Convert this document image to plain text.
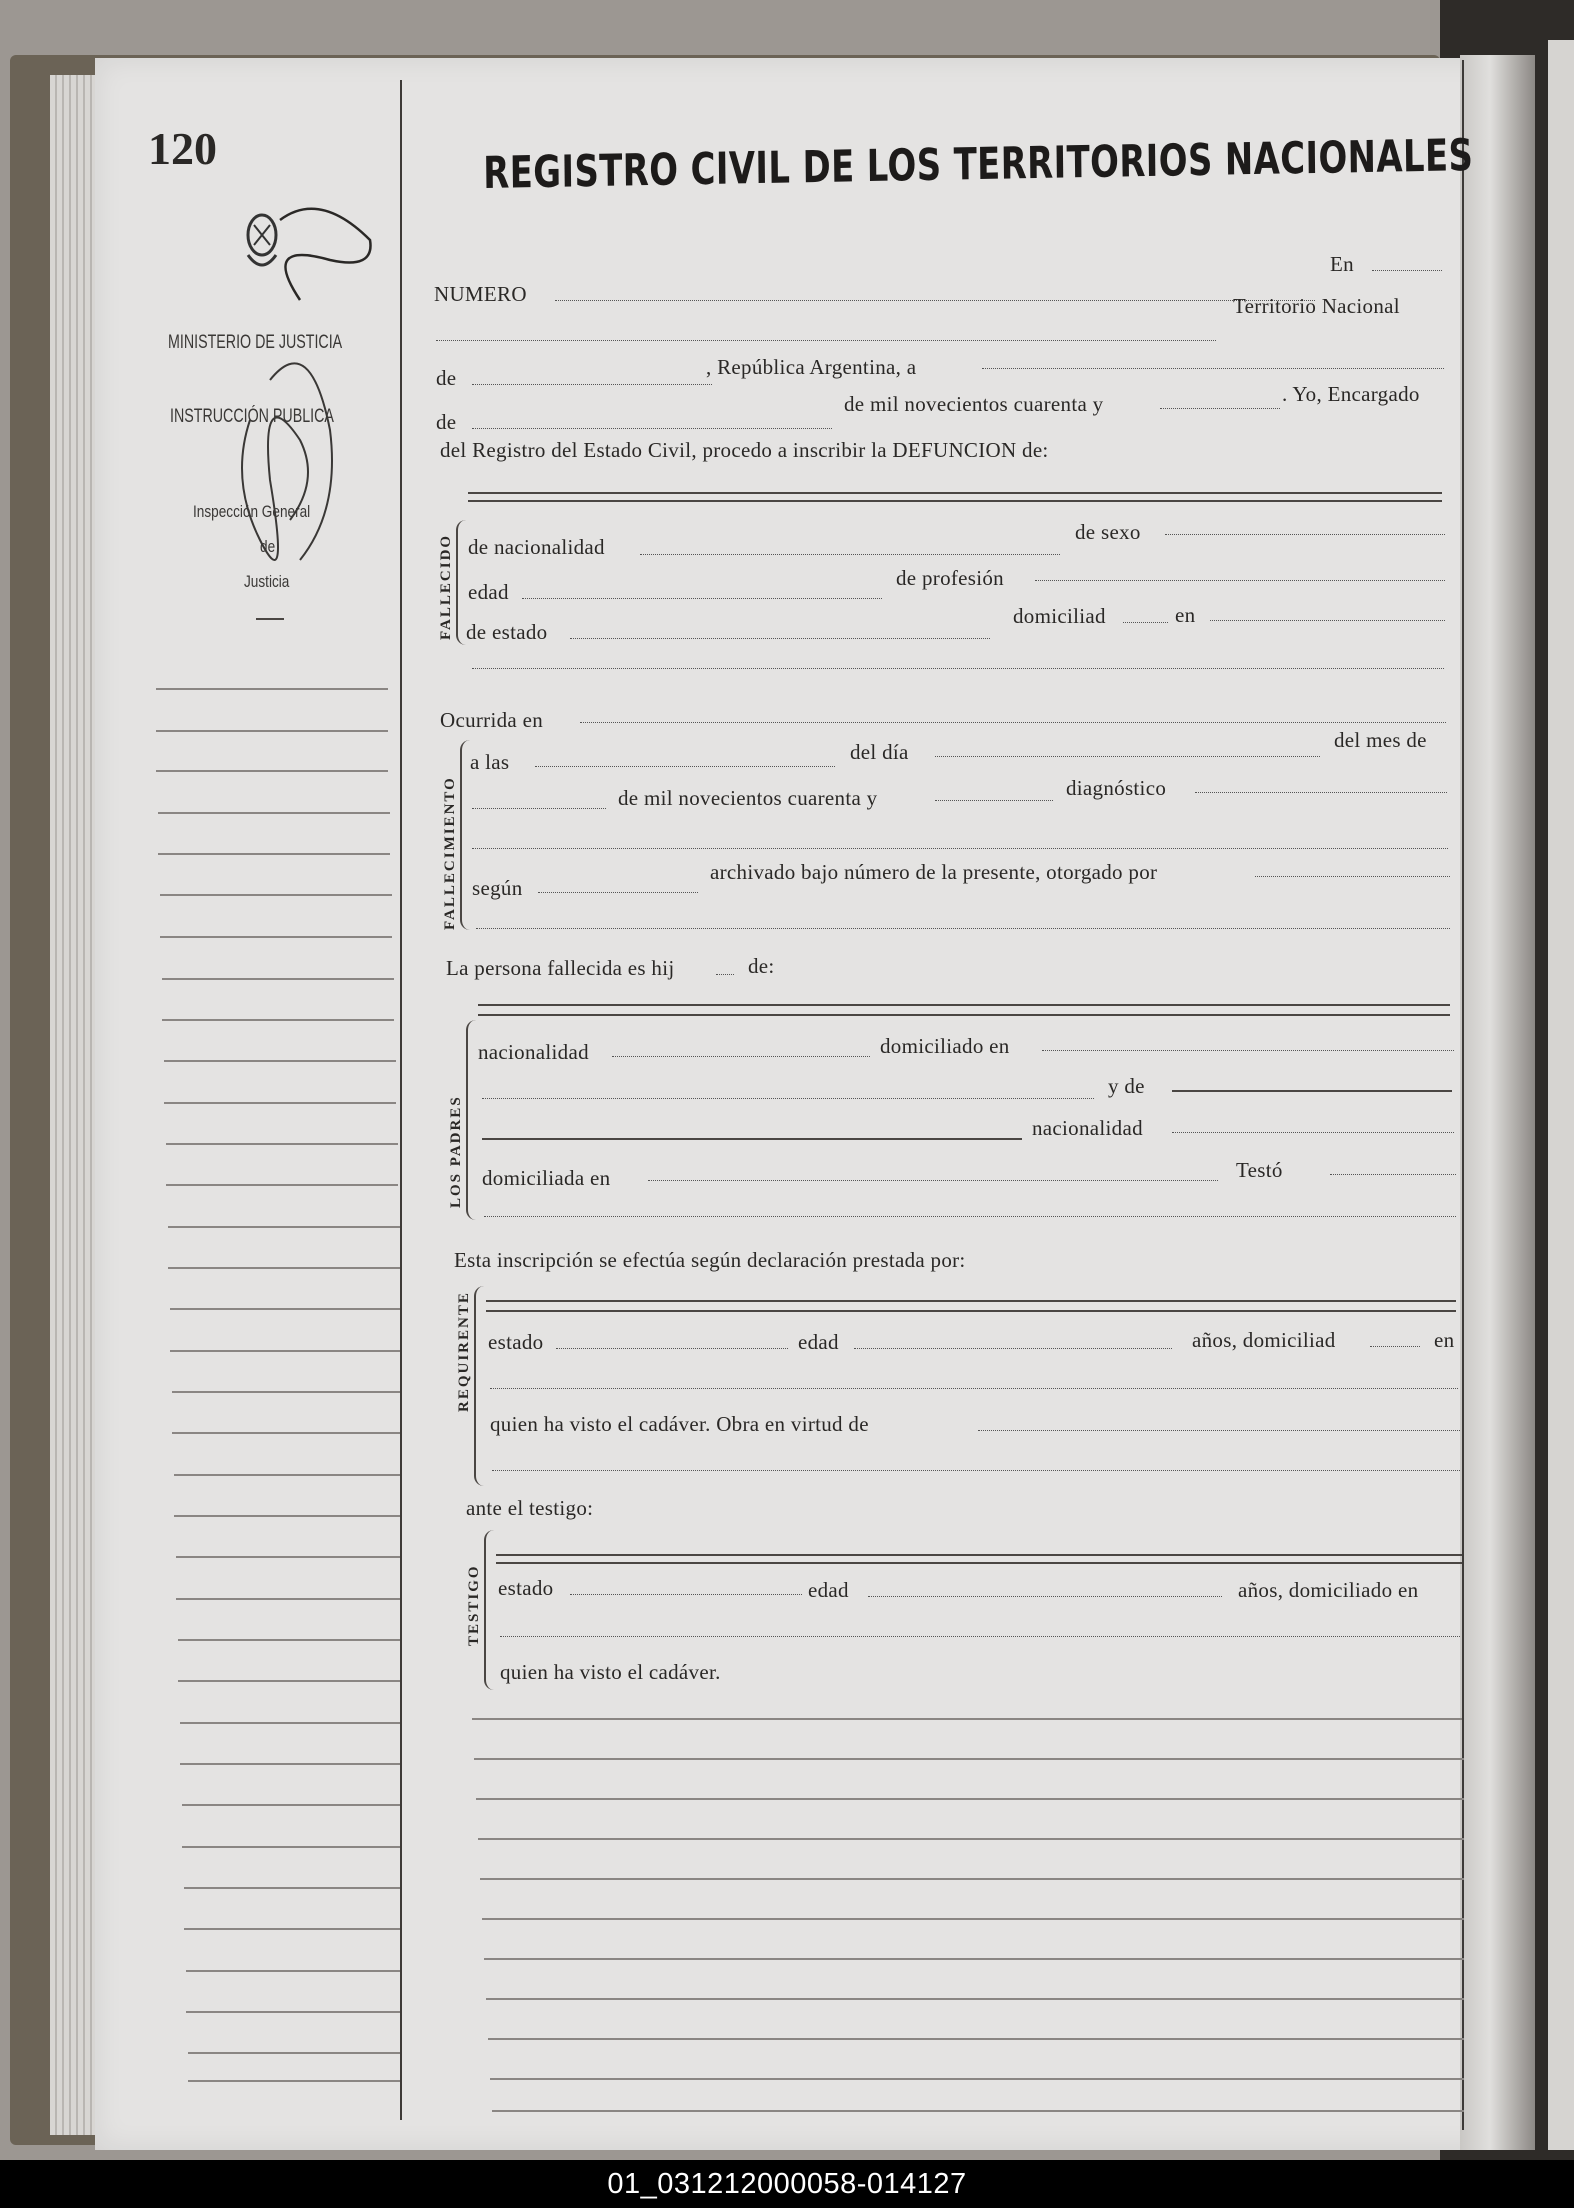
120
MINISTERIO DE JUSTICIA
INSTRUCCIÓN PUBLICA
Inspección General
de
Justicia
REGISTRO CIVIL DE LOS TERRITORIOS NACIONALES
NUMERO
En
Territorio Nacional
de	, República Argentina, a
de
de mil novecientos cuarenta y	. Yo, Encargado
del Registro del Estado Civil, procedo a inscribir la DEFUNCION de:
FALLECIDO de nacionalidad
de sexo
edad
de profesión
de estado
domiciliad	en
Ocurrida en
FALLECIMIENTO
a las	del día	del mes de
de mil novecientos cuarenta y	diagnóstico
según
archivado bajo número de la presente, otorgado por
La persona fallecida es hij	de:
LOS PADRES
nacionalidad	domiciliado en
y de
nacionalidad
domiciliada en	Testó
Esta inscripción se efectúa según declaración prestada por:
REQUIRENTE estado	edad	años, domiciliad	en
quien ha visto el cadáver. Obra en virtud de
ante el testigo:
TESTIGO estado	edad	años, domiciliado en
quien ha visto el cadáver.
01_031212000058-014127
